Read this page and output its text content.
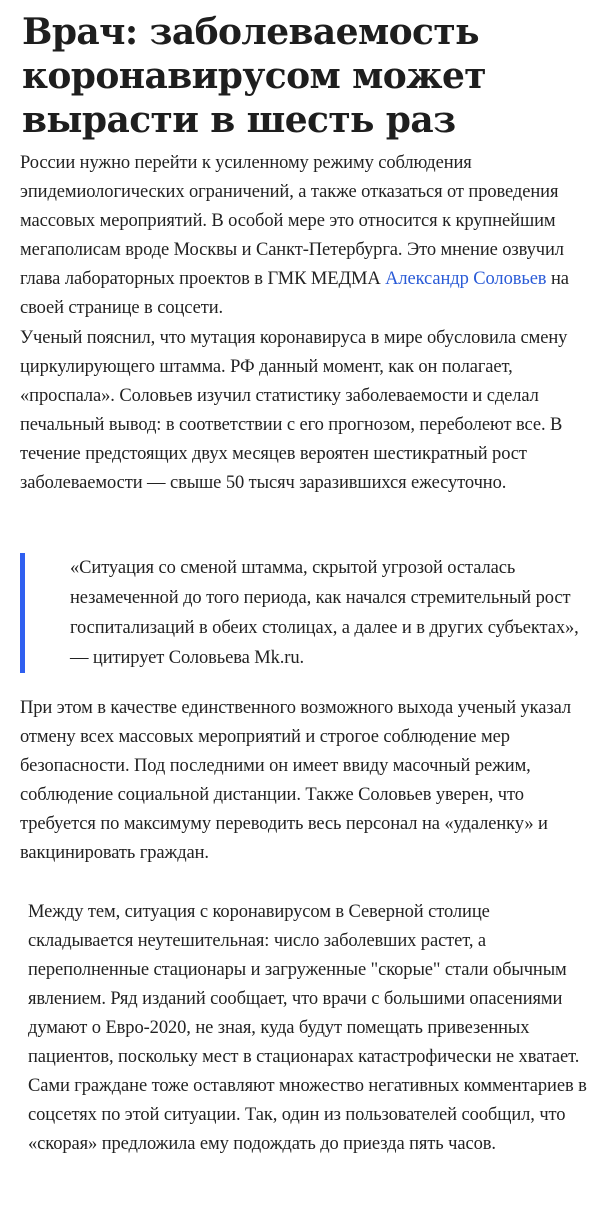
Врач: заболеваемость коронавирусом может вырасти в шесть раз

России нужно перейти к усиленному режиму соблюдения эпидемиологических ограничений, а также отказаться от проведения массовых мероприятий. В особой мере это относится к крупнейшим мегаполисам вроде Москвы и Санкт-Петербурга. Это мнение озвучил глава лабораторных проектов в ГМК МЕДМА Александр Соловьев на своей странице в соцсети.

Ученый пояснил, что мутация коронавируса в мире обусловила смену циркулирующего штамма. РФ данный момент, как он полагает, «проспала». Соловьев изучил статистику заболеваемости и сделал печальный вывод: в соответствии с его прогнозом, переболеют все. В течение предстоящих двух месяцев вероятен шестикратный рост заболеваемости — свыше 50 тысяч заразившихся ежесуточно.

«Ситуация со сменой штамма, скрытой угрозой осталась незамеченной до того периода, как начался стремительный рост госпитализаций в обеих столицах, а далее и в других субъектах», — цитирует Соловьева Mk.ru.

При этом в качестве единственного возможного выхода ученый указал отмену всех массовых мероприятий и строгое соблюдение мер безопасности. Под последними он имеет ввиду масочный режим, соблюдение социальной дистанции. Также Соловьев уверен, что требуется по максимуму переводить весь персонал на «удаленку» и вакцинировать граждан.

Между тем, ситуация с коронавирусом в Северной столице складывается неутешительная: число заболевших растет, а переполненные стационары и загруженные "скорые" стали обычным явлением. Ряд изданий сообщает, что врачи с большими опасениями думают о Евро-2020, не зная, куда будут помещать привезенных пациентов, поскольку мест в стационарах катастрофически не хватает. Сами граждане тоже оставляют множество негативных комментариев в соцсетях по этой ситуации. Так, один из пользователей сообщил, что «скорая» предложила ему подождать до приезда пять часов.
